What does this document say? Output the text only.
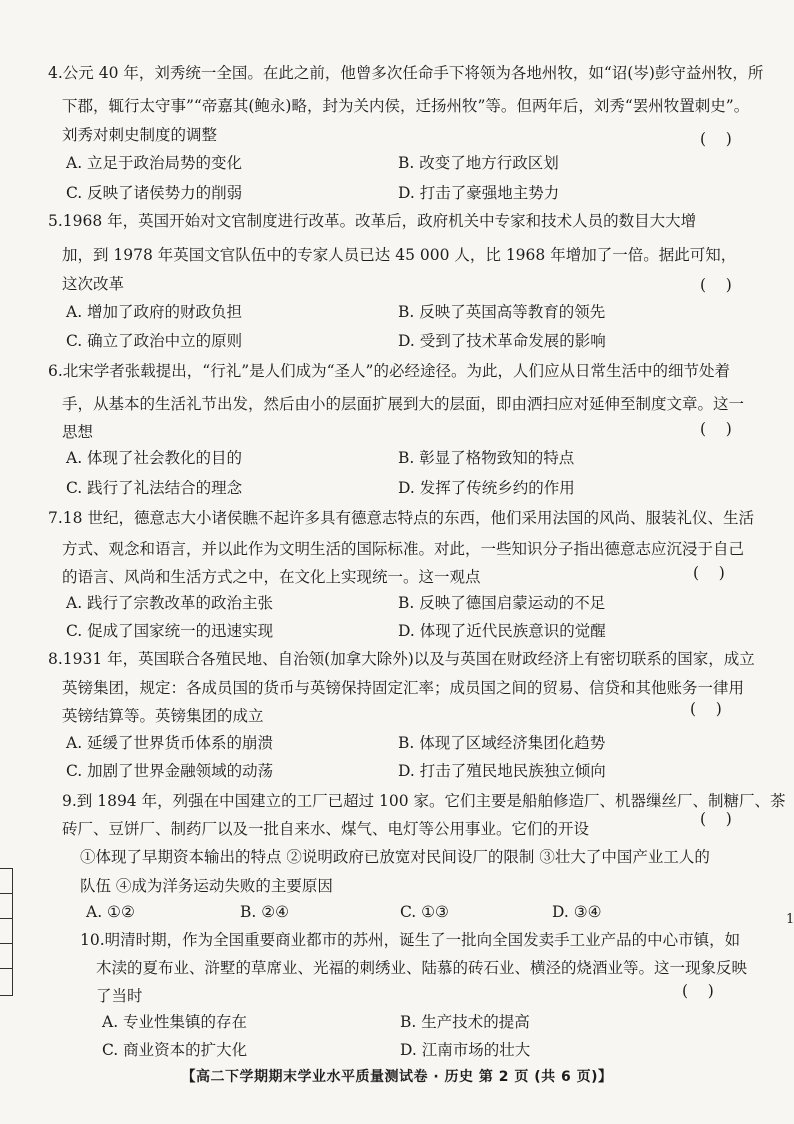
4.公元 40 年，刘秀统一全国。在此之前，他曾多次任命手下将领为各地州牧，如“诏(岑)彭守益州牧，所
下郡，辄行太守事”“帝嘉其(鲍永)略，封为关内侯，迁扬州牧”等。但两年后，刘秀“罢州牧置刺史”。
刘秀对刺史制度的调整	(    )
A. 立足于政治局势的变化	B. 改变了地方行政区划
C. 反映了诸侯势力的削弱	D. 打击了豪强地主势力
5.1968 年，英国开始对文官制度进行改革。改革后，政府机关中专家和技术人员的数目大大增
加，到 1978 年英国文官队伍中的专家人员已达 45 000 人，比 1968 年增加了一倍。据此可知，
这次改革	(    )
A. 增加了政府的财政负担	B. 反映了英国高等教育的领先
C. 确立了政治中立的原则	D. 受到了技术革命发展的影响
6.北宋学者张载提出，“行礼”是人们成为“圣人”的必经途径。为此，人们应从日常生活中的细节处着
手，从基本的生活礼节出发，然后由小的层面扩展到大的层面，即由洒扫应对延伸至制度文章。这一
思想	(    )
A. 体现了社会教化的目的	B. 彰显了格物致知的特点
C. 践行了礼法结合的理念	D. 发挥了传统乡约的作用
7.18 世纪，德意志大小诸侯瞧不起许多具有德意志特点的东西，他们采用法国的风尚、服装礼仪、生活
方式、观念和语言，并以此作为文明生活的国际标准。对此，一些知识分子指出德意志应沉浸于自己
的语言、风尚和生活方式之中，在文化上实现统一。这一观点	(    )
A. 践行了宗教改革的政治主张	B. 反映了德国启蒙运动的不足
C. 促成了国家统一的迅速实现	D. 体现了近代民族意识的觉醒
8.1931 年，英国联合各殖民地、自治领(加拿大除外)以及与英国在财政经济上有密切联系的国家，成立
英镑集团，规定：各成员国的货币与英镑保持固定汇率；成员国之间的贸易、信贷和其他账务一律用
英镑结算等。英镑集团的成立	(    )
A. 延缓了世界货币体系的崩溃	B. 体现了区域经济集团化趋势
C. 加剧了世界金融领域的动荡	D. 打击了殖民地民族独立倾向
9.到 1894 年，列强在中国建立的工厂已超过 100 家。它们主要是船舶修造厂、机器缫丝厂、制糖厂、茶
(    )
砖厂、豆饼厂、制药厂以及一批自来水、煤气、电灯等公用事业。它们的开设
①体现了早期资本输出的特点 ②说明政府已放宽对民间设厂的限制 ③壮大了中国产业工人的
队伍 ④成为洋务运动失败的主要原因
A. ①②	B. ②④	C. ①③	D. ③④
10.明清时期，作为全国重要商业都市的苏州，诞生了一批向全国发卖手工业产品的中心市镇，如
木渎的夏布业、浒墅的草席业、光福的刺绣业、陆慕的砖石业、横泾的烧酒业等。这一现象反映
了当时	(    )
A. 专业性集镇的存在	B. 生产技术的提高
C. 商业资本的扩大化	D. 江南市场的壮大
【高二下学期期末学业水平质量测试卷 · 历史 第 2 页 (共 6 页)】
1
